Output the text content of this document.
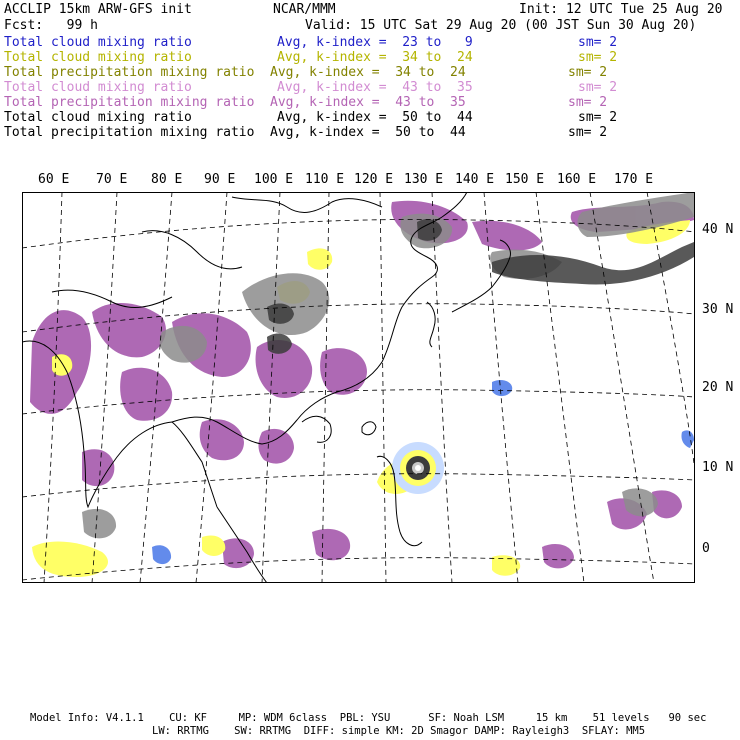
ACCLIP 15km ARW-GFS init	NCAR/MMM	Init: 12 UTC Tue 25 Aug 20
Fcst:   99 h	Valid: 15 UTC Sat 29 Aug 20 (00 JST Sun 30 Aug 20)
Total cloud mixing ratio	Avg, k-index =  23 to   9	sm= 2
Total cloud mixing ratio	Avg, k-index =  34 to  24	sm= 2
Total precipitation mixing ratio Avg, k-index =  34 to  24	sm= 2
Total cloud mixing ratio	Avg, k-index =  43 to  35	sm= 2
Total precipitation mixing ratio Avg, k-index =  43 to  35	sm= 2
Total cloud mixing ratio	Avg, k-index =  50 to  44	sm= 2
Total precipitation mixing ratio Avg, k-index =  50 to  44	sm= 2
60 E 70 E 80 E 90 E 100 E 110 E 120 E 130 E 140 E 150 E 160 E 170 E
40 N
30 N
20 N
10 N
0
Model Info: V4.1.1    CU: KF     MP: WDM 6class  PBL: YSU      SF: Noah LSM     15 km    51 levels   90 sec
LW: RRTMG    SW: RRTMG  DIFF: simple KM: 2D Smagor DAMP: Rayleigh3  SFLAY: MM5
